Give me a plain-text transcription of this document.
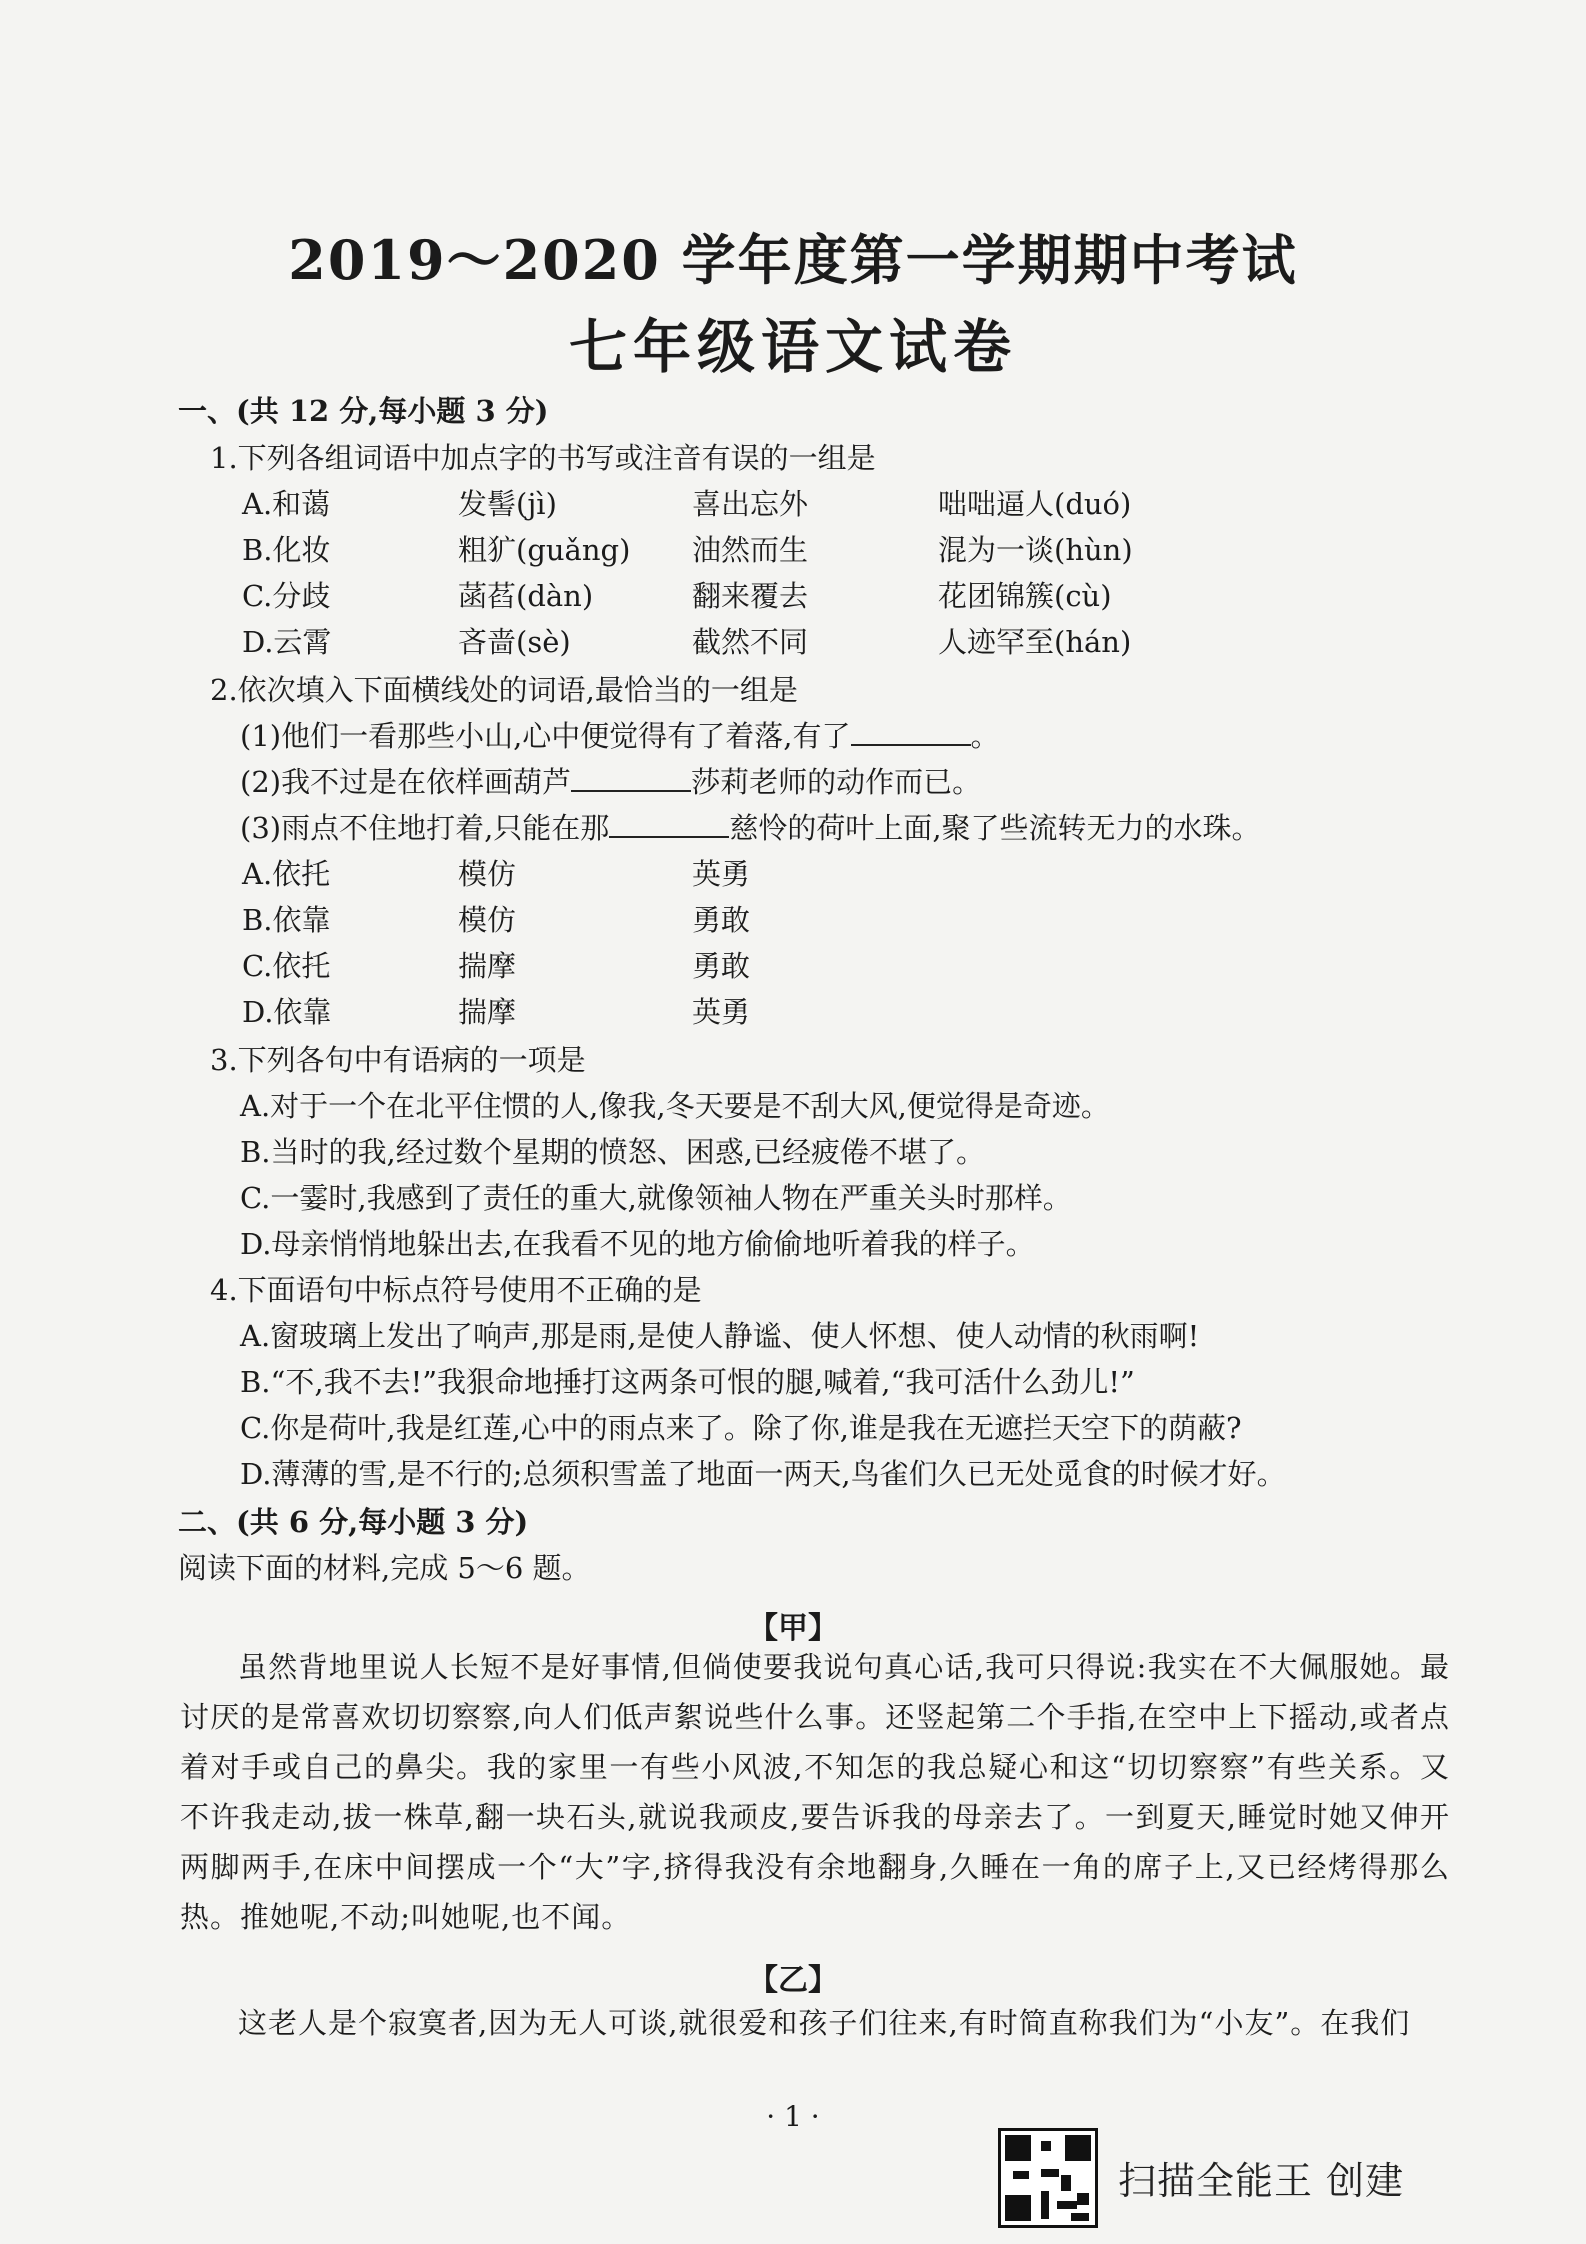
2019～2020 学年度第一学期期中考试
七年级语文试卷
一、(共 12 分,每小题 3 分)
1.下列各组词语中加点字的书写或注音有误的一组是
A.和蔼	发髻(jì)	喜出忘外	咄咄逼人(duó)
B.化妆	粗犷(guǎng) 油然而生	混为一谈(hùn)
C.分歧	菡萏(dàn)	翻来覆去	花团锦簇(cù)
D.云霄	吝啬(sè)	截然不同	人迹罕至(hán)
2.依次填入下面横线处的词语,最恰当的一组是
(1)他们一看那些小山,心中便觉得有了着落,有了	。
(2)我不过是在依样画葫芦	莎莉老师的动作而已。
(3)雨点不住地打着,只能在那	慈怜的荷叶上面,聚了些流转无力的水珠。
A.依托	模仿	英勇
B.依靠	模仿	勇敢
C.依托	揣摩	勇敢
D.依靠	揣摩	英勇
3.下列各句中有语病的一项是
A.对于一个在北平住惯的人,像我,冬天要是不刮大风,便觉得是奇迹。
B.当时的我,经过数个星期的愤怒、困惑,已经疲倦不堪了。
C.一霎时,我感到了责任的重大,就像领袖人物在严重关头时那样。
D.母亲悄悄地躲出去,在我看不见的地方偷偷地听着我的样子。
4.下面语句中标点符号使用不正确的是
A.窗玻璃上发出了响声,那是雨,是使人静谧、使人怀想、使人动情的秋雨啊!
B.“不,我不去!”我狠命地捶打这两条可恨的腿,喊着,“我可活什么劲儿!”
C.你是荷叶,我是红莲,心中的雨点来了。除了你,谁是我在无遮拦天空下的荫蔽?
D.薄薄的雪,是不行的;总须积雪盖了地面一两天,鸟雀们久已无处觅食的时候才好。
二、(共 6 分,每小题 3 分)
阅读下面的材料,完成 5～6 题。
【甲】
虽然背地里说人长短不是好事情,但倘使要我说句真心话,我可只得说:我实在不大佩服她。最讨厌的是常喜欢切切察察,向人们低声絮说些什么事。还竖起第二个手指,在空中上下摇动,或者点着对手或自己的鼻尖。我的家里一有些小风波,不知怎的我总疑心和这“切切察察”有些关系。又不许我走动,拔一株草,翻一块石头,就说我顽皮,要告诉我的母亲去了。一到夏天,睡觉时她又伸开两脚两手,在床中间摆成一个“大”字,挤得我没有余地翻身,久睡在一角的席子上,又已经烤得那么热。推她呢,不动;叫她呢,也不闻。
【乙】
这老人是个寂寞者,因为无人可谈,就很爱和孩子们往来,有时简直称我们为“小友”。在我们
· 1 ·
扫描全能王 创建
